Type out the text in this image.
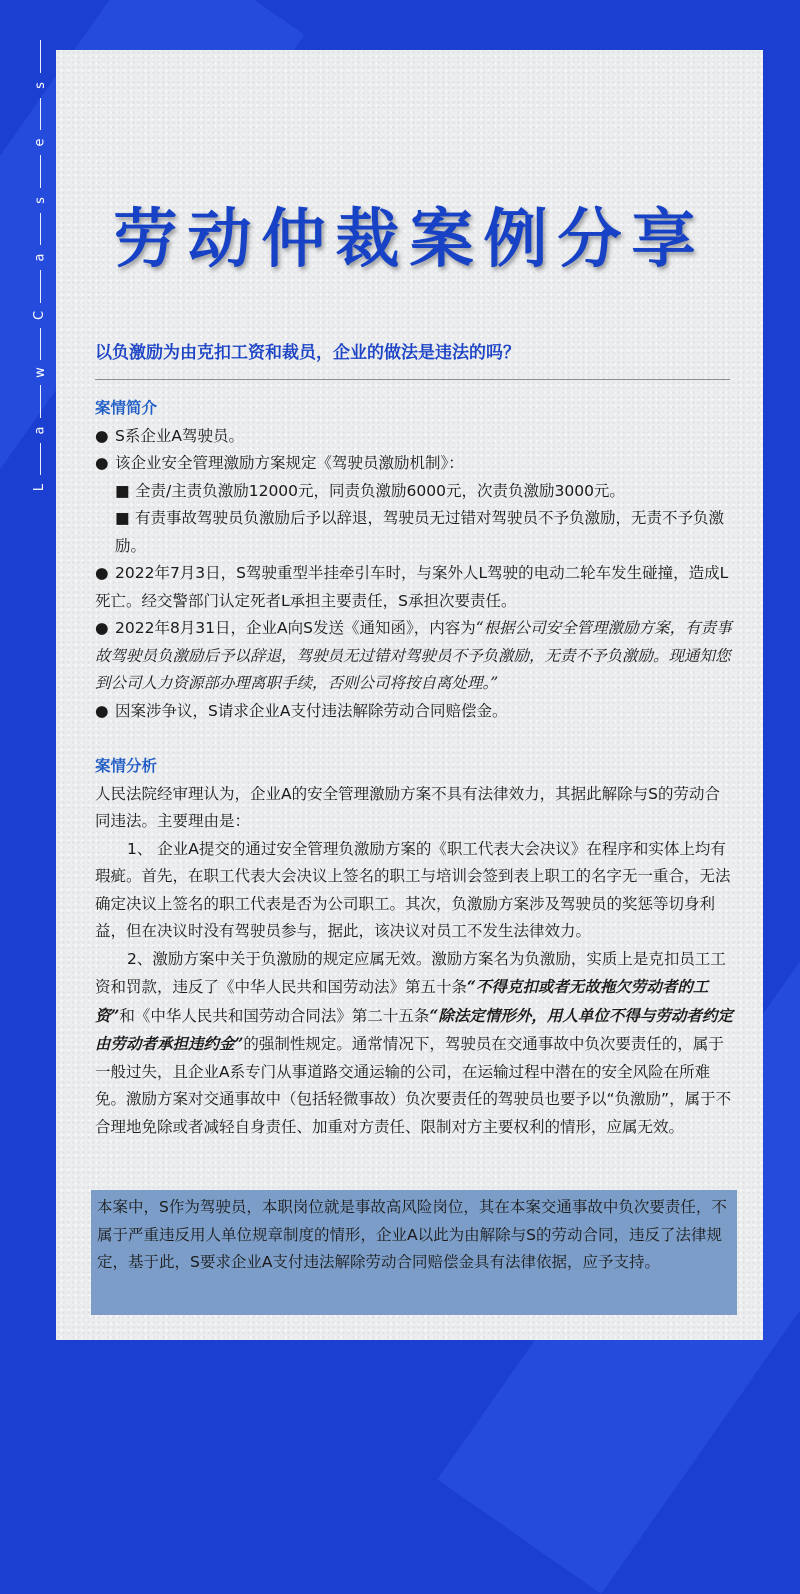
s
e
s
a
C
w
a
L
劳动仲裁案例分享
以负激励为由克扣工资和裁员，企业的做法是违法的吗？
案情简介

● S系企业A驾驶员。

● 该企业安全管理激励方案规定《驾驶员激励机制》：

■ 全责/主责负激励12000元，同责负激励6000元，次责负激励3000元。

■ 有责事故驾驶员负激励后予以辞退，驾驶员无过错对驾驶员不予负激励，无责不予负激励。

● 2022年7月3日，S驾驶重型半挂牵引车时，与案外人L驾驶的电动二轮车发生碰撞，造成L死亡。经交警部门认定死者L承担主要责任，S承担次要责任。

● 2022年8月31日，企业A向S发送《通知函》，内容为“根据公司安全管理激励方案，有责事故驾驶员负激励后予以辞退，驾驶员无过错对驾驶员不予负激励，无责不予负激励。现通知您到公司人力资源部办理离职手续，否则公司将按自离处理。”

● 因案涉争议，S请求企业A支付违法解除劳动合同赔偿金。

案情分析

人民法院经审理认为，企业A的安全管理激励方案不具有法律效力，其据此解除与S的劳动合同违法。主要理由是：

1、 企业A提交的通过安全管理负激励方案的《职工代表大会决议》在程序和实体上均有瑕疵。首先，在职工代表大会决议上签名的职工与培训会签到表上职工的名字无一重合，无法确定决议上签名的职工代表是否为公司职工。其次，负激励方案涉及驾驶员的奖惩等切身利益，但在决议时没有驾驶员参与，据此，该决议对员工不发生法律效力。

2、激励方案中关于负激励的规定应属无效。激励方案名为负激励，实质上是克扣员工工资和罚款，违反了《中华人民共和国劳动法》第五十条“不得克扣或者无故拖欠劳动者的工资”和《中华人民共和国劳动合同法》第二十五条“除法定情形外，用人单位不得与劳动者约定由劳动者承担违约金”的强制性规定。通常情况下，驾驶员在交通事故中负次要责任的，属于一般过失，且企业A系专门从事道路交通运输的公司，在运输过程中潜在的安全风险在所难免。激励方案对交通事故中（包括轻微事故）负次要责任的驾驶员也要予以“负激励”，属于不合理地免除或者减轻自身责任、加重对方责任、限制对方主要权利的情形，应属无效。

本案中，S作为驾驶员，本职岗位就是事故高风险岗位，其在本案交通事故中负次要责任，不属于严重违反用人单位规章制度的情形，企业A以此为由解除与S的劳动合同，违反了法律规定，基于此，S要求企业A支付违法解除劳动合同赔偿金具有法律依据，应予支持。
